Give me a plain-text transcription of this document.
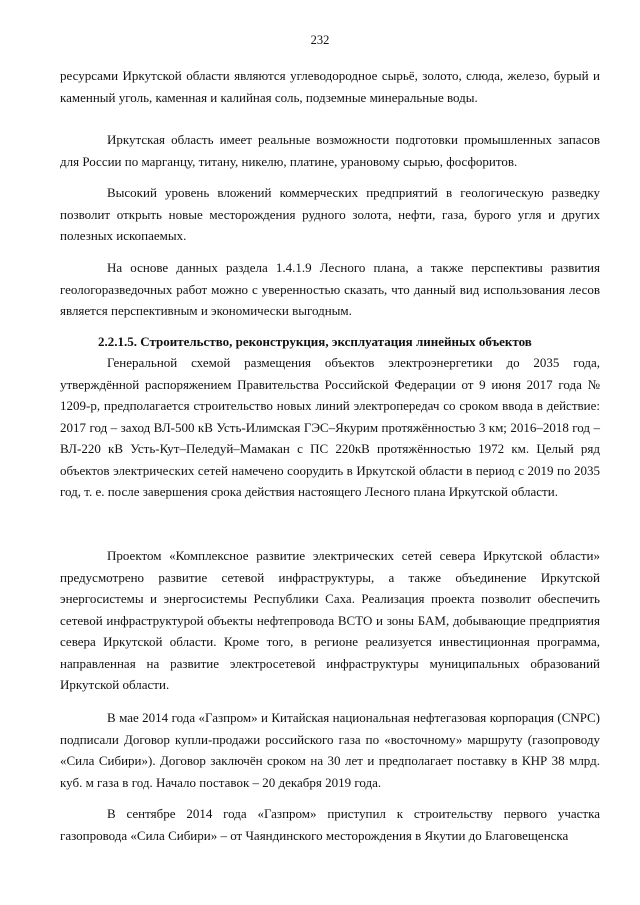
232

ресурсами Иркутской области являются углеводородное сырьё, золото, слюда, железо, бурый и каменный уголь, каменная и калийная соль, подземные минеральные воды.

Иркутская область имеет реальные возможности подготовки промышленных запасов для России по марганцу, титану, никелю, платине, урановому сырью, фосфоритов.

Высокий уровень вложений коммерческих предприятий в геологическую разведку позволит открыть новые месторождения рудного золота, нефти, газа, бурого угля и других полезных ископаемых.

На основе данных раздела 1.4.1.9 Лесного плана, а также перспективы развития геологоразведочных работ можно с уверенностью сказать, что данный вид использования лесов является перспективным и экономически выгодным.

2.2.1.5. Строительство, реконструкция, эксплуатация линейных объектов

Генеральной схемой размещения объектов электроэнергетики до 2035 года, утверждённой распоряжением Правительства Российской Федерации от 9 июня 2017 года № 1209-р, предполагается строительство новых линий электропередач со сроком ввода в действие: 2017 год – заход ВЛ-500 кВ Усть-Илимская ГЭС–Якурим протяжённостью 3 км; 2016–2018 год – ВЛ-220 кВ Усть-Кут–Пеледуй–Мамакан с ПС 220кВ протяжённостью 1972 км. Целый ряд объектов электрических сетей намечено соорудить в Иркутской области в период с 2019 по 2035 год, т. е. после завершения срока действия настоящего Лесного плана Иркутской области.

Проектом «Комплексное развитие электрических сетей севера Иркутской области» предусмотрено развитие сетевой инфраструктуры, а также объединение Иркутской энергосистемы и энергосистемы Республики Саха. Реализация проекта позволит обеспечить сетевой инфраструктурой объекты нефтепровода ВСТО и зоны БАМ, добывающие предприятия севера Иркутской области. Кроме того, в регионе реализуется инвестиционная программа, направленная на развитие электросетевой инфраструктуры муниципальных образований Иркутской области.

В мае 2014 года «Газпром» и Китайская национальная нефтегазовая корпорация (CNPC) подписали Договор купли-продажи российского газа по «восточному» маршруту (газопроводу «Сила Сибири»). Договор заключён сроком на 30 лет и предполагает поставку в КНР 38 млрд. куб. м газа в год. Начало поставок – 20 декабря 2019 года.

В сентябре 2014 года «Газпром» приступил к строительству первого участка газопровода «Сила Сибири» – от Чаяндинского месторождения в Якутии до Благовещенска
